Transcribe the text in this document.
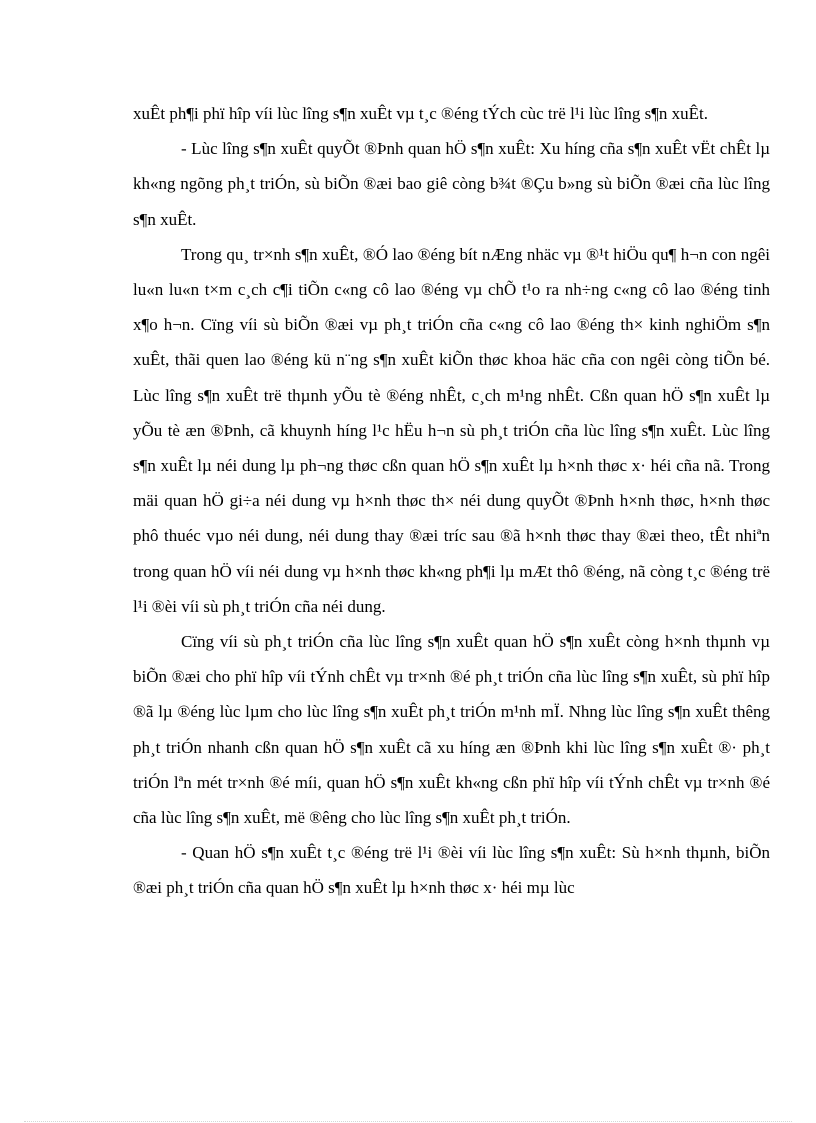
xuÊt ph¶i phï hîp víi lùc lîng s¶n xuÊt vµ t¸c ®éng tÝch cùc trë l¹i lùc lîng s¶n xuÊt.

- Lùc lîng s¶n xuÊt quyÕt ®Þnh quan hÖ s¶n xuÊt: Xu híng cña s¶n xuÊt vËt chÊt lµ kh«ng ngõng ph¸t triÓn, sù biÕn ®æi bao giê còng b¾t ®Çu b»ng sù biÕn ®æi cña lùc lîng s¶n xuÊt.

Trong qu¸ tr×nh s¶n xuÊt, ®Ó lao ®éng bít nÆng nhäc vµ ®¹t hiÖu qu¶ h¬n con ngêi lu«n lu«n t×m c¸ch c¶i tiÕn c«ng cô lao ®éng vµ chÕ t¹o ra nh÷ng c«ng cô lao ®éng tinh x¶o h¬n. Cïng víi sù biÕn ®æi vµ ph¸t triÓn cña c«ng cô lao ®éng th× kinh nghiÖm s¶n xuÊt, thãi quen lao ®éng kü n¨ng s¶n xuÊt kiÕn thøc khoa häc cña con ngêi còng tiÕn bé. Lùc lîng s¶n xuÊt trë thµnh yÕu tè ®éng nhÊt, c¸ch m¹ng nhÊt. Cßn quan hÖ s¶n xuÊt lµ yÕu tè æn ®Þnh, cã khuynh híng l¹c hËu h¬n sù ph¸t triÓn cña lùc lîng s¶n xuÊt. Lùc lîng s¶n xuÊt lµ néi dung lµ ph¬ng thøc cßn quan hÖ s¶n xuÊt lµ h×nh thøc x· héi cña nã. Trong mäi quan hÖ gi÷a néi dung vµ h×nh thøc th× néi dung quyÕt ®Þnh h×nh thøc, h×nh thøc phô thuéc vµo néi dung, néi dung thay ®æi tríc sau ®ã h×nh thøc thay ®æi theo, tÊt nhiªn trong quan hÖ víi néi dung vµ h×nh thøc kh«ng ph¶i lµ mÆt thô ®éng, nã còng t¸c ®éng trë l¹i ®èi víi sù ph¸t triÓn cña néi dung.

Cïng víi sù ph¸t triÓn cña lùc lîng s¶n xuÊt quan hÖ s¶n xuÊt còng h×nh thµnh vµ biÕn ®æi cho phï hîp víi tÝnh chÊt vµ tr×nh ®é ph¸t triÓn cña lùc lîng s¶n xuÊt, sù phï hîp ®ã lµ ®éng lùc lµm cho lùc lîng s¶n xuÊt ph¸t triÓn m¹nh mÏ. Nhng lùc lîng s¶n xuÊt thêng ph¸t triÓn nhanh cßn quan hÖ s¶n xuÊt cã xu híng æn ®Þnh khi lùc lîng s¶n xuÊt ®· ph¸t triÓn lªn mét tr×nh ®é míi, quan hÖ s¶n xuÊt kh«ng cßn phï hîp víi tÝnh chÊt vµ tr×nh ®é cña lùc lîng s¶n xuÊt, më ®êng cho lùc lîng s¶n xuÊt ph¸t triÓn.

- Quan hÖ s¶n xuÊt t¸c ®éng trë l¹i ®èi víi lùc lîng s¶n xuÊt: Sù h×nh thµnh, biÕn ®æi ph¸t triÓn cña quan hÖ s¶n xuÊt lµ h×nh thøc x· héi mµ lùc
